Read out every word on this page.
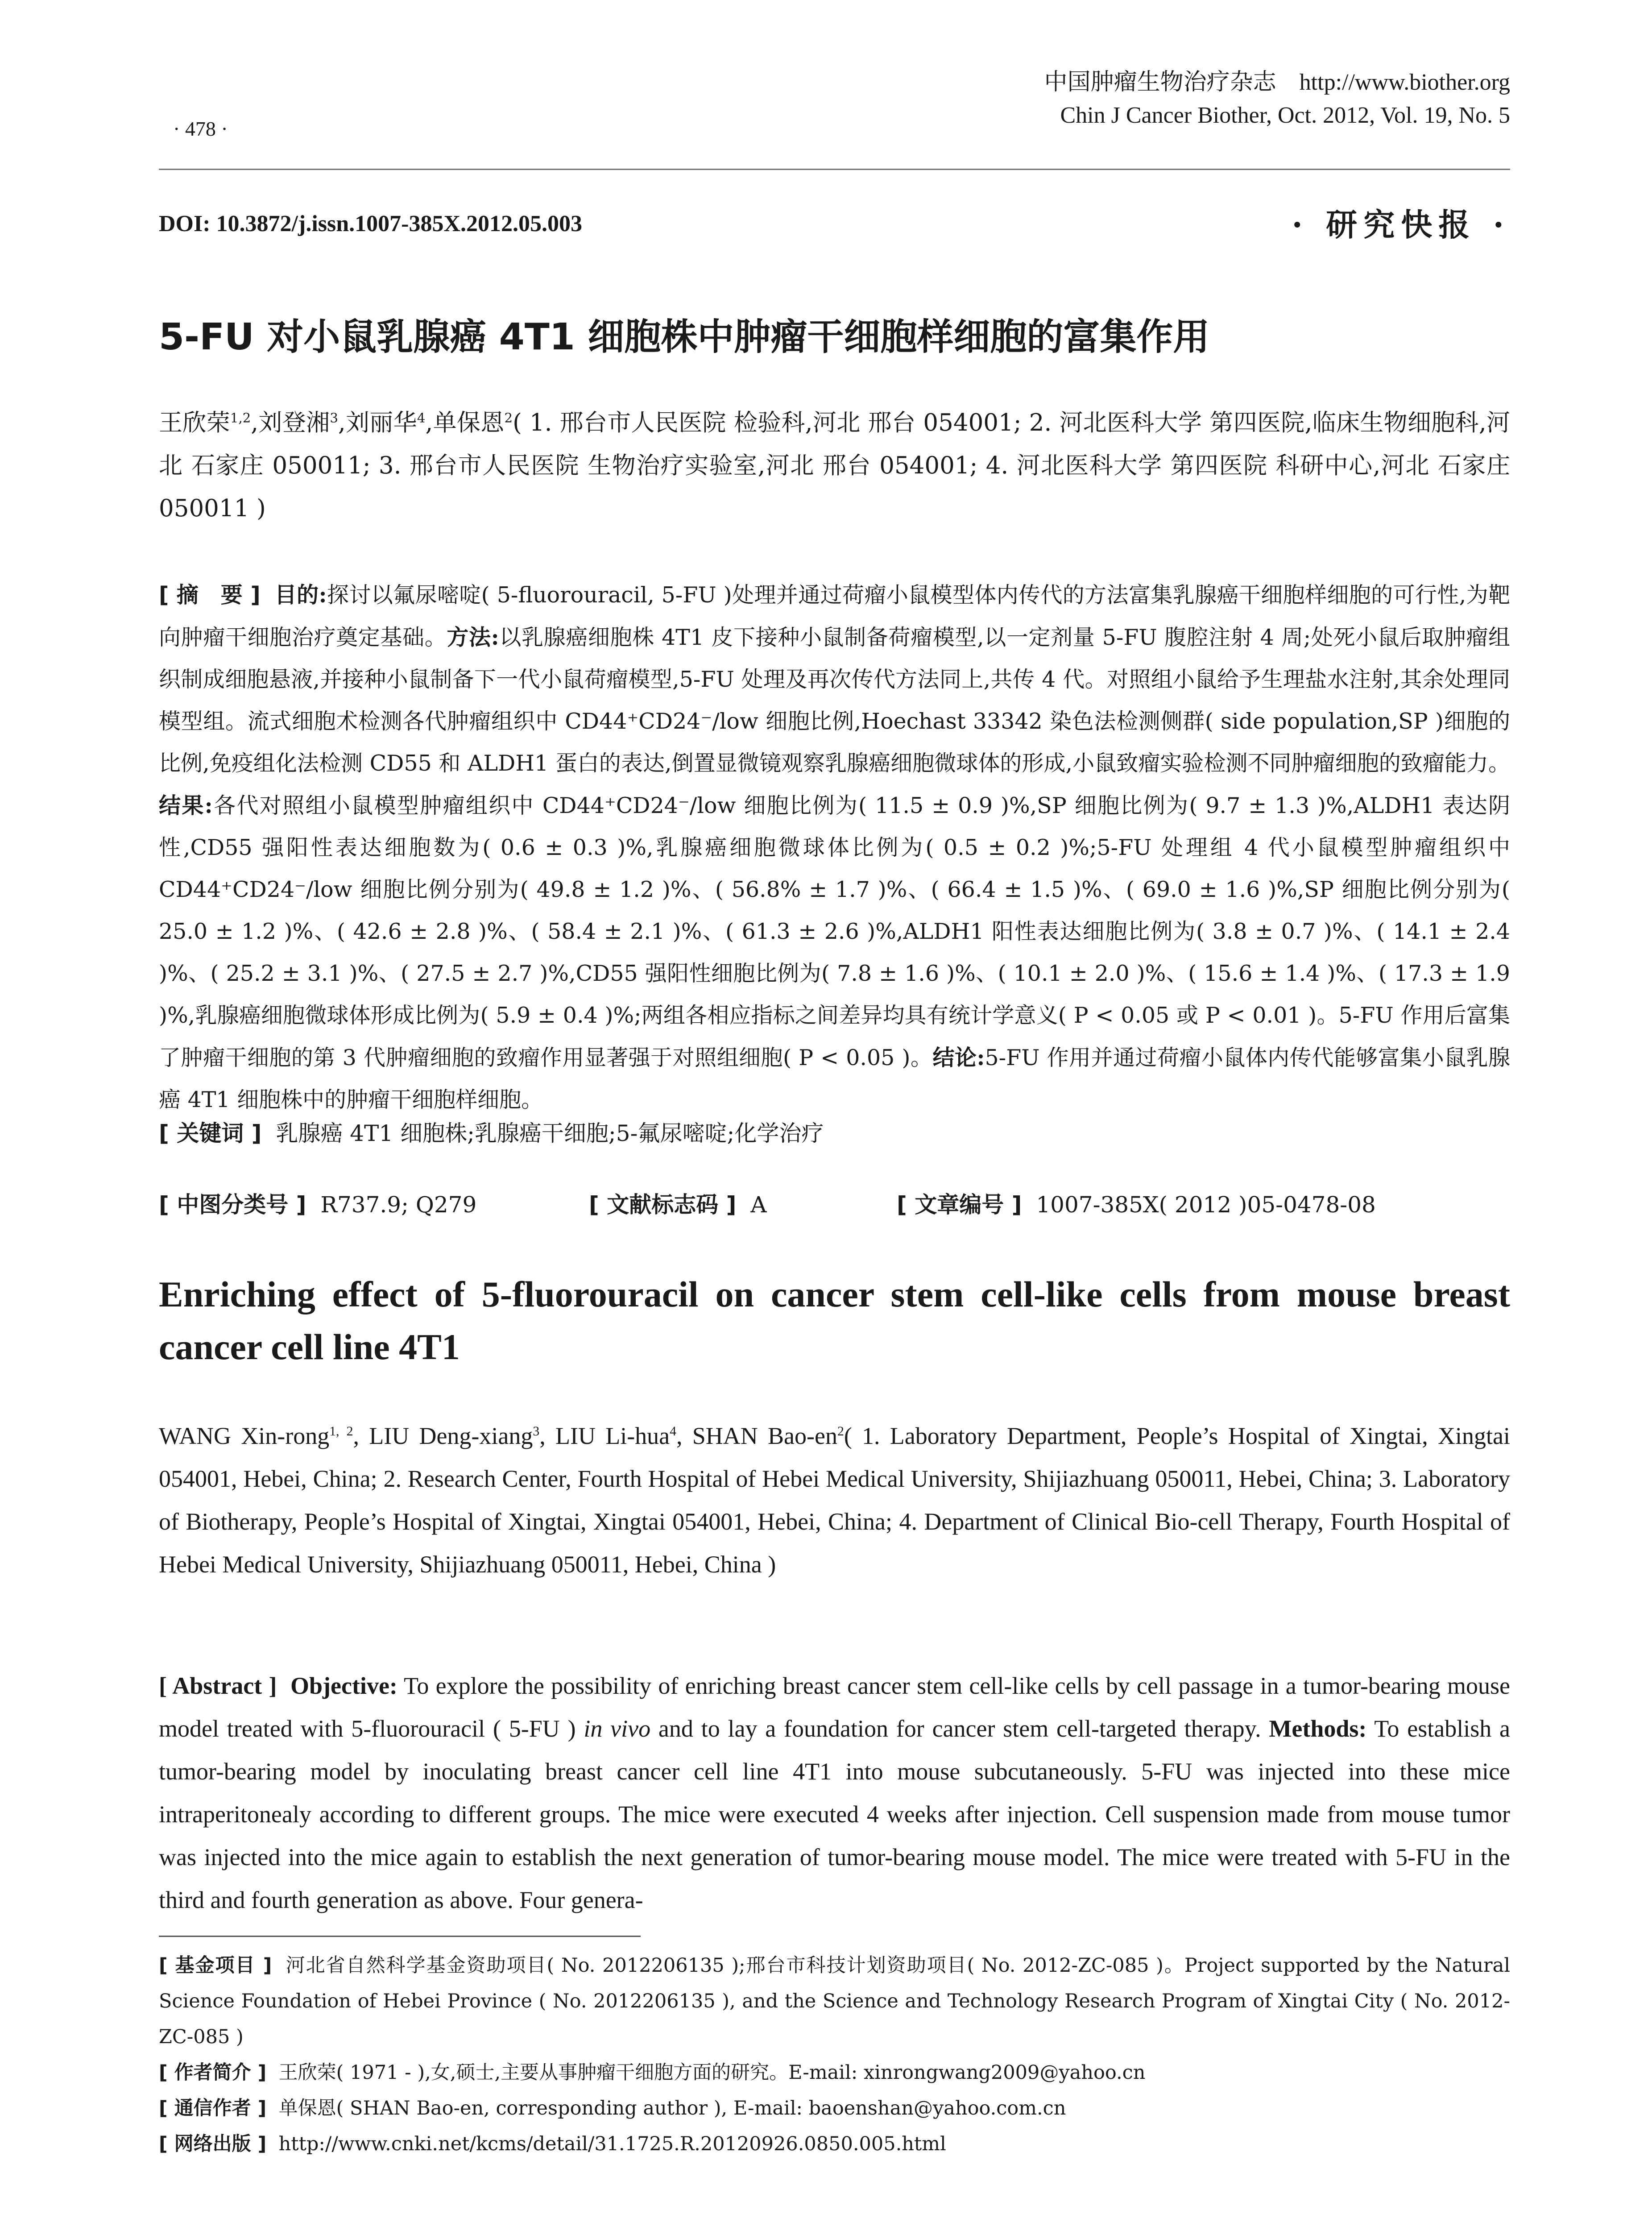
中国肿瘤生物治疗杂志 http://www.biother.org
Chin J Cancer Biother, Oct. 2012, Vol. 19, No. 5
· 478 ·
DOI: 10.3872/j.issn.1007-385X.2012.05.003	· 研究快报 ·
5-FU 对小鼠乳腺癌 4T1 细胞株中肿瘤干细胞样细胞的富集作用
王欣荣$^{1,2}$,刘登湘$^3$,刘丽华$^4$,单保恩$^2$( 1. 邢台市人民医院 检验科,河北 邢台 054001; 2. 河北医科大学 第四医院,临床生物细胞科,河北 石家庄 050011; 3. 邢台市人民医院 生物治疗实验室,河北 邢台 054001; 4. 河北医科大学 第四医院 科研中心,河北 石家庄 050011 )
[ 摘　要 ] 目的:探讨以氟尿嘧啶( 5-fluorouracil, 5-FU )处理并通过荷瘤小鼠模型体内传代的方法富集乳腺癌干细胞样细胞的可行性,为靶向肿瘤干细胞治疗奠定基础。方法:以乳腺癌细胞株 4T1 皮下接种小鼠制备荷瘤模型,以一定剂量 5-FU 腹腔注射 4 周;处死小鼠后取肿瘤组织制成细胞悬液,并接种小鼠制备下一代小鼠荷瘤模型,5-FU 处理及再次传代方法同上,共传 4 代。对照组小鼠给予生理盐水注射,其余处理同模型组。流式细胞术检测各代肿瘤组织中 CD44⁺CD24⁻/low 细胞比例,Hoechast 33342 染色法检测侧群( side population,SP )细胞的比例,免疫组化法检测 CD55 和 ALDH1 蛋白的表达,倒置显微镜观察乳腺癌细胞微球体的形成,小鼠致瘤实验检测不同肿瘤细胞的致瘤能力。结果:各代对照组小鼠模型肿瘤组织中 CD44⁺CD24⁻/low 细胞比例为( 11.5 ± 0.9 )%,SP 细胞比例为( 9.7 ± 1.3 )%,ALDH1 表达阴性,CD55 强阳性表达细胞数为( 0.6 ± 0.3 )%,乳腺癌细胞微球体比例为( 0.5 ± 0.2 )%;5-FU 处理组 4 代小鼠模型肿瘤组织中 CD44⁺CD24⁻/low 细胞比例分别为( 49.8 ± 1.2 )%、( 56.8% ± 1.7 )%、( 66.4 ± 1.5 )%、( 69.0 ± 1.6 )%,SP 细胞比例分别为( 25.0 ± 1.2 )%、( 42.6 ± 2.8 )%、( 58.4 ± 2.1 )%、( 61.3 ± 2.6 )%,ALDH1 阳性表达细胞比例为( 3.8 ± 0.7 )%、( 14.1 ± 2.4 )%、( 25.2 ± 3.1 )%、( 27.5 ± 2.7 )%,CD55 强阳性细胞比例为( 7.8 ± 1.6 )%、( 10.1 ± 2.0 )%、( 15.6 ± 1.4 )%、( 17.3 ± 1.9 )%,乳腺癌细胞微球体形成比例为( 5.9 ± 0.4 )%;两组各相应指标之间差异均具有统计学意义( P < 0.05 或 P < 0.01 )。5-FU 作用后富集了肿瘤干细胞的第 3 代肿瘤细胞的致瘤作用显著强于对照组细胞( P < 0.05 )。结论:5-FU 作用并通过荷瘤小鼠体内传代能够富集小鼠乳腺癌 4T1 细胞株中的肿瘤干细胞样细胞。
[ 关键词 ] 乳腺癌 4T1 细胞株;乳腺癌干细胞;5-氟尿嘧啶;化学治疗
[ 中图分类号 ] R737.9; Q279	[ 文献标志码 ] A	[ 文章编号 ] 1007-385X( 2012 )05-0478-08
Enriching effect of 5-fluorouracil on cancer stem cell-like cells from mouse breast cancer cell line 4T1
WANG Xin-rong$^{1, 2}$, LIU Deng-xiang$^3$, LIU Li-hua$^4$, SHAN Bao-$en^2$( 1. Laboratory Department, People’s Hospital of Xingtai, Xingtai 054001, Hebei, China; 2. Research Center, Fourth Hospital of Hebei Medical University, Shijiazhuang 050011, Hebei, China; 3. Laboratory of Biotherapy, People’s Hospital of Xingtai, Xingtai 054001, Hebei, China; 4. Department of Clinical Bio-cell Therapy, Fourth Hospital of Hebei Medical University, Shijiazhuang 050011, Hebei, China )
[ Abstract ] Objective: To explore the possibility of enriching breast cancer stem cell-like cells by cell passage in a tumor-bearing mouse model treated with 5-fluorouracil ( 5-FU ) in vivo and to lay a foundation for cancer stem cell-targeted therapy. Methods: To establish a tumor-bearing model by inoculating breast cancer cell line 4T1 into mouse subcutaneously. 5-FU was injected into these mice intraperitonealy according to different groups. The mice were executed 4 weeks after injection. Cell suspension made from mouse tumor was injected into the mice again to establish the next generation of tumor-bearing mouse model. The mice were treated with 5-FU in the third and fourth generation as above. Four genera-
[ 基金项目 ] 河北省自然科学基金资助项目( No. 2012206135 );邢台市科技计划资助项目( No. 2012-ZC-085 )。Project supported by the Natural Science Foundation of Hebei Province ( No. 2012206135 ), and the Science and Technology Research Program of Xingtai City ( No. 2012-ZC-085 )
[ 作者简介 ] 王欣荣( 1971 - ),女,硕士,主要从事肿瘤干细胞方面的研究。E-mail: xinrongwang2009@yahoo.cn
[ 通信作者 ] 单保恩( SHAN Bao-en, corresponding author ), E-mail: baoenshan@yahoo.com.cn
[ 网络出版 ] http://www.cnki.net/kcms/detail/31.1725.R.20120926.0850.005.html
